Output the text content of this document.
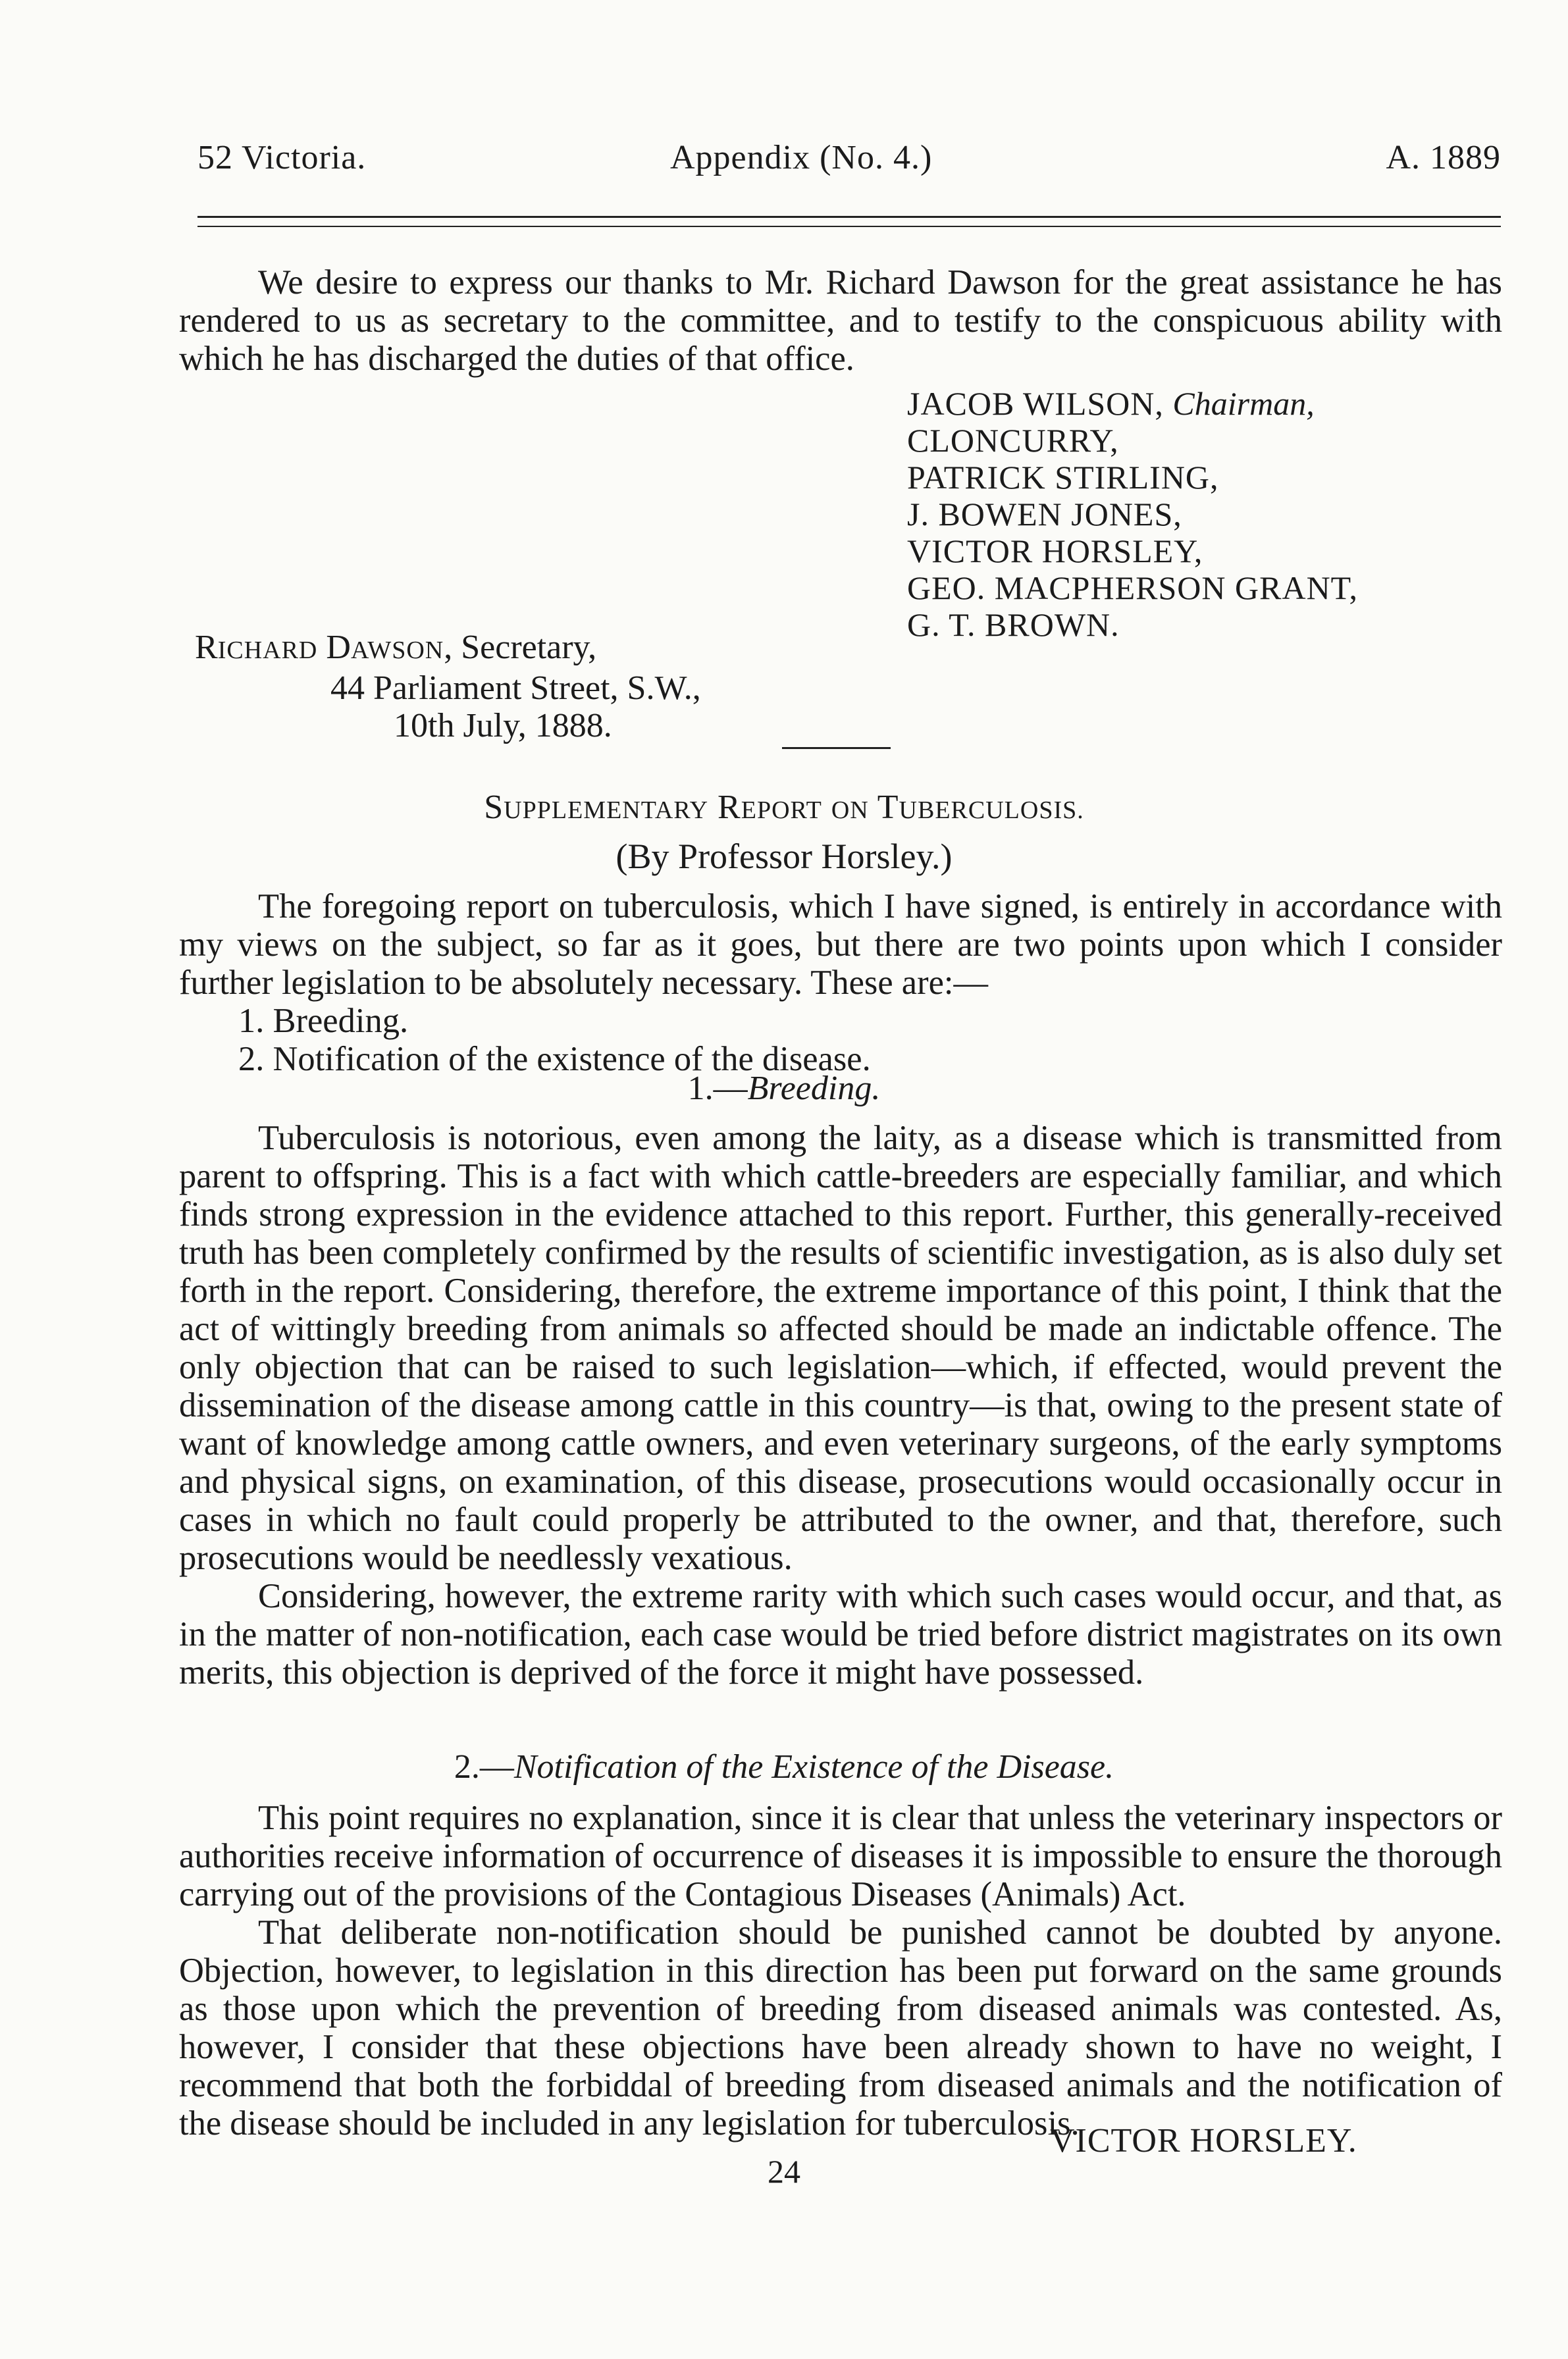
52 Victoria.	Appendix (No. 4.)	A. 1889

We desire to express our thanks to Mr. Richard Dawson for the great assistance he has rendered to us as secretary to the committee, and to testify to the conspicuous ability with which he has discharged the duties of that office.

JACOB WILSON, Chairman,
CLONCURRY,
PATRICK STIRLING,
J. BOWEN JONES,
VICTOR HORSLEY,
GEO. MACPHERSON GRANT,
G. T. BROWN.
RICHARD DAWSON, Secretary,
44 Parliament Street, S.W.,
10th July, 1888.
SUPPLEMENTARY REPORT ON TUBERCULOSIS.
(By Professor Horsley.)

The foregoing report on tuberculosis, which I have signed, is entirely in accordance with my views on the subject, so far as it goes, but there are two points upon which I consider further legislation to be absolutely necessary. These are:—

1. Breeding.

2. Notification of the existence of the disease.

1.—Breeding.

Tuberculosis is notorious, even among the laity, as a disease which is transmitted from parent to offspring. This is a fact with which cattle-breeders are especially familiar, and which finds strong expression in the evidence attached to this report. Further, this generally-received truth has been completely confirmed by the results of scientific investigation, as is also duly set forth in the report. Considering, therefore, the extreme importance of this point, I think that the act of wittingly breeding from animals so affected should be made an indictable offence. The only objection that can be raised to such legislation—which, if effected, would prevent the dissemination of the disease among cattle in this country—is that, owing to the present state of want of knowledge among cattle owners, and even veterinary surgeons, of the early symptoms and physical signs, on examination, of this disease, prosecutions would occasionally occur in cases in which no fault could properly be attributed to the owner, and that, therefore, such prosecutions would be needlessly vexatious.

Considering, however, the extreme rarity with which such cases would occur, and that, as in the matter of non-notification, each case would be tried before district magistrates on its own merits, this objection is deprived of the force it might have possessed.

2.—Notification of the Existence of the Disease.

This point requires no explanation, since it is clear that unless the veterinary inspectors or authorities receive information of occurrence of diseases it is impossible to ensure the thorough carrying out of the provisions of the Contagious Diseases (Animals) Act.

That deliberate non-notification should be punished cannot be doubted by anyone. Objection, however, to legislation in this direction has been put forward on the same grounds as those upon which the prevention of breeding from diseased animals was contested. As, however, I consider that these objections have been already shown to have no weight, I recommend that both the forbiddal of breeding from diseased animals and the notification of the disease should be included in any legislation for tuberculosis.

VICTOR HORSLEY.
24
